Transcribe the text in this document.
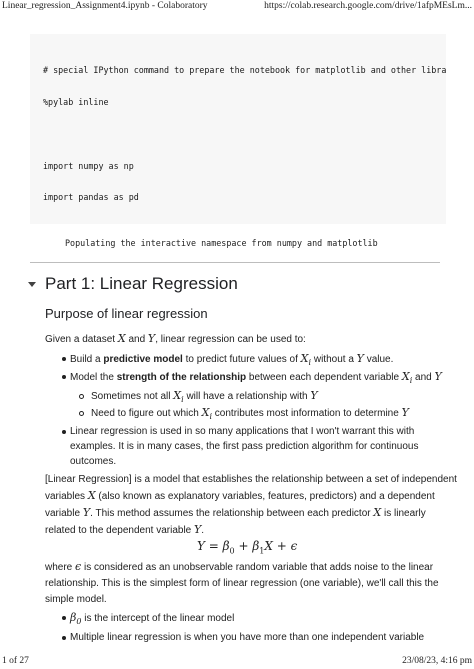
Linear_regression_Assignment4.ipynb - Colaboratory	https://colab.research.google.com/drive/1afpMEsLm...

# special IPython command to prepare the notebook for matplotlib and other libra

%pylab inline

import numpy as np

import pandas as pd

Populating the interactive namespace from numpy and matplotlib
Part 1: Linear Regression
Purpose of linear regression
Given a dataset X and Y, linear regression can be used to:
Build a predictive model to predict future values of $X_i$ without a Y value.
Model the strength of the relationship between each dependent variable $X_i$ and Y
Sometimes not all $X_i$ will have a relationship with Y
Need to figure out which $X_i$ contributes most information to determine Y
Linear regression is used in so many applications that I won't warrant this with
examples. It is in many cases, the first pass prediction algorithm for continuous
outcomes.
[Linear Regression] is a model that establishes the relationship between a set of independent
variables X (also known as explanatory variables, features, predictors) and a dependent
variable Y. This method assumes the relationship between each predictor X is linearly
related to the dependent variable Y.
$Y = \beta_0 + \beta_1X + \epsilon$
where ϵ is considered as an unobservable random variable that adds noise to the linear
relationship. This is the simplest form of linear regression (one variable), we'll call this the
simple model.
$\beta_0$ is the intercept of the linear model
Multiple linear regression is when you have more than one independent variable
1 of 27	23/08/23, 4:16 pm
